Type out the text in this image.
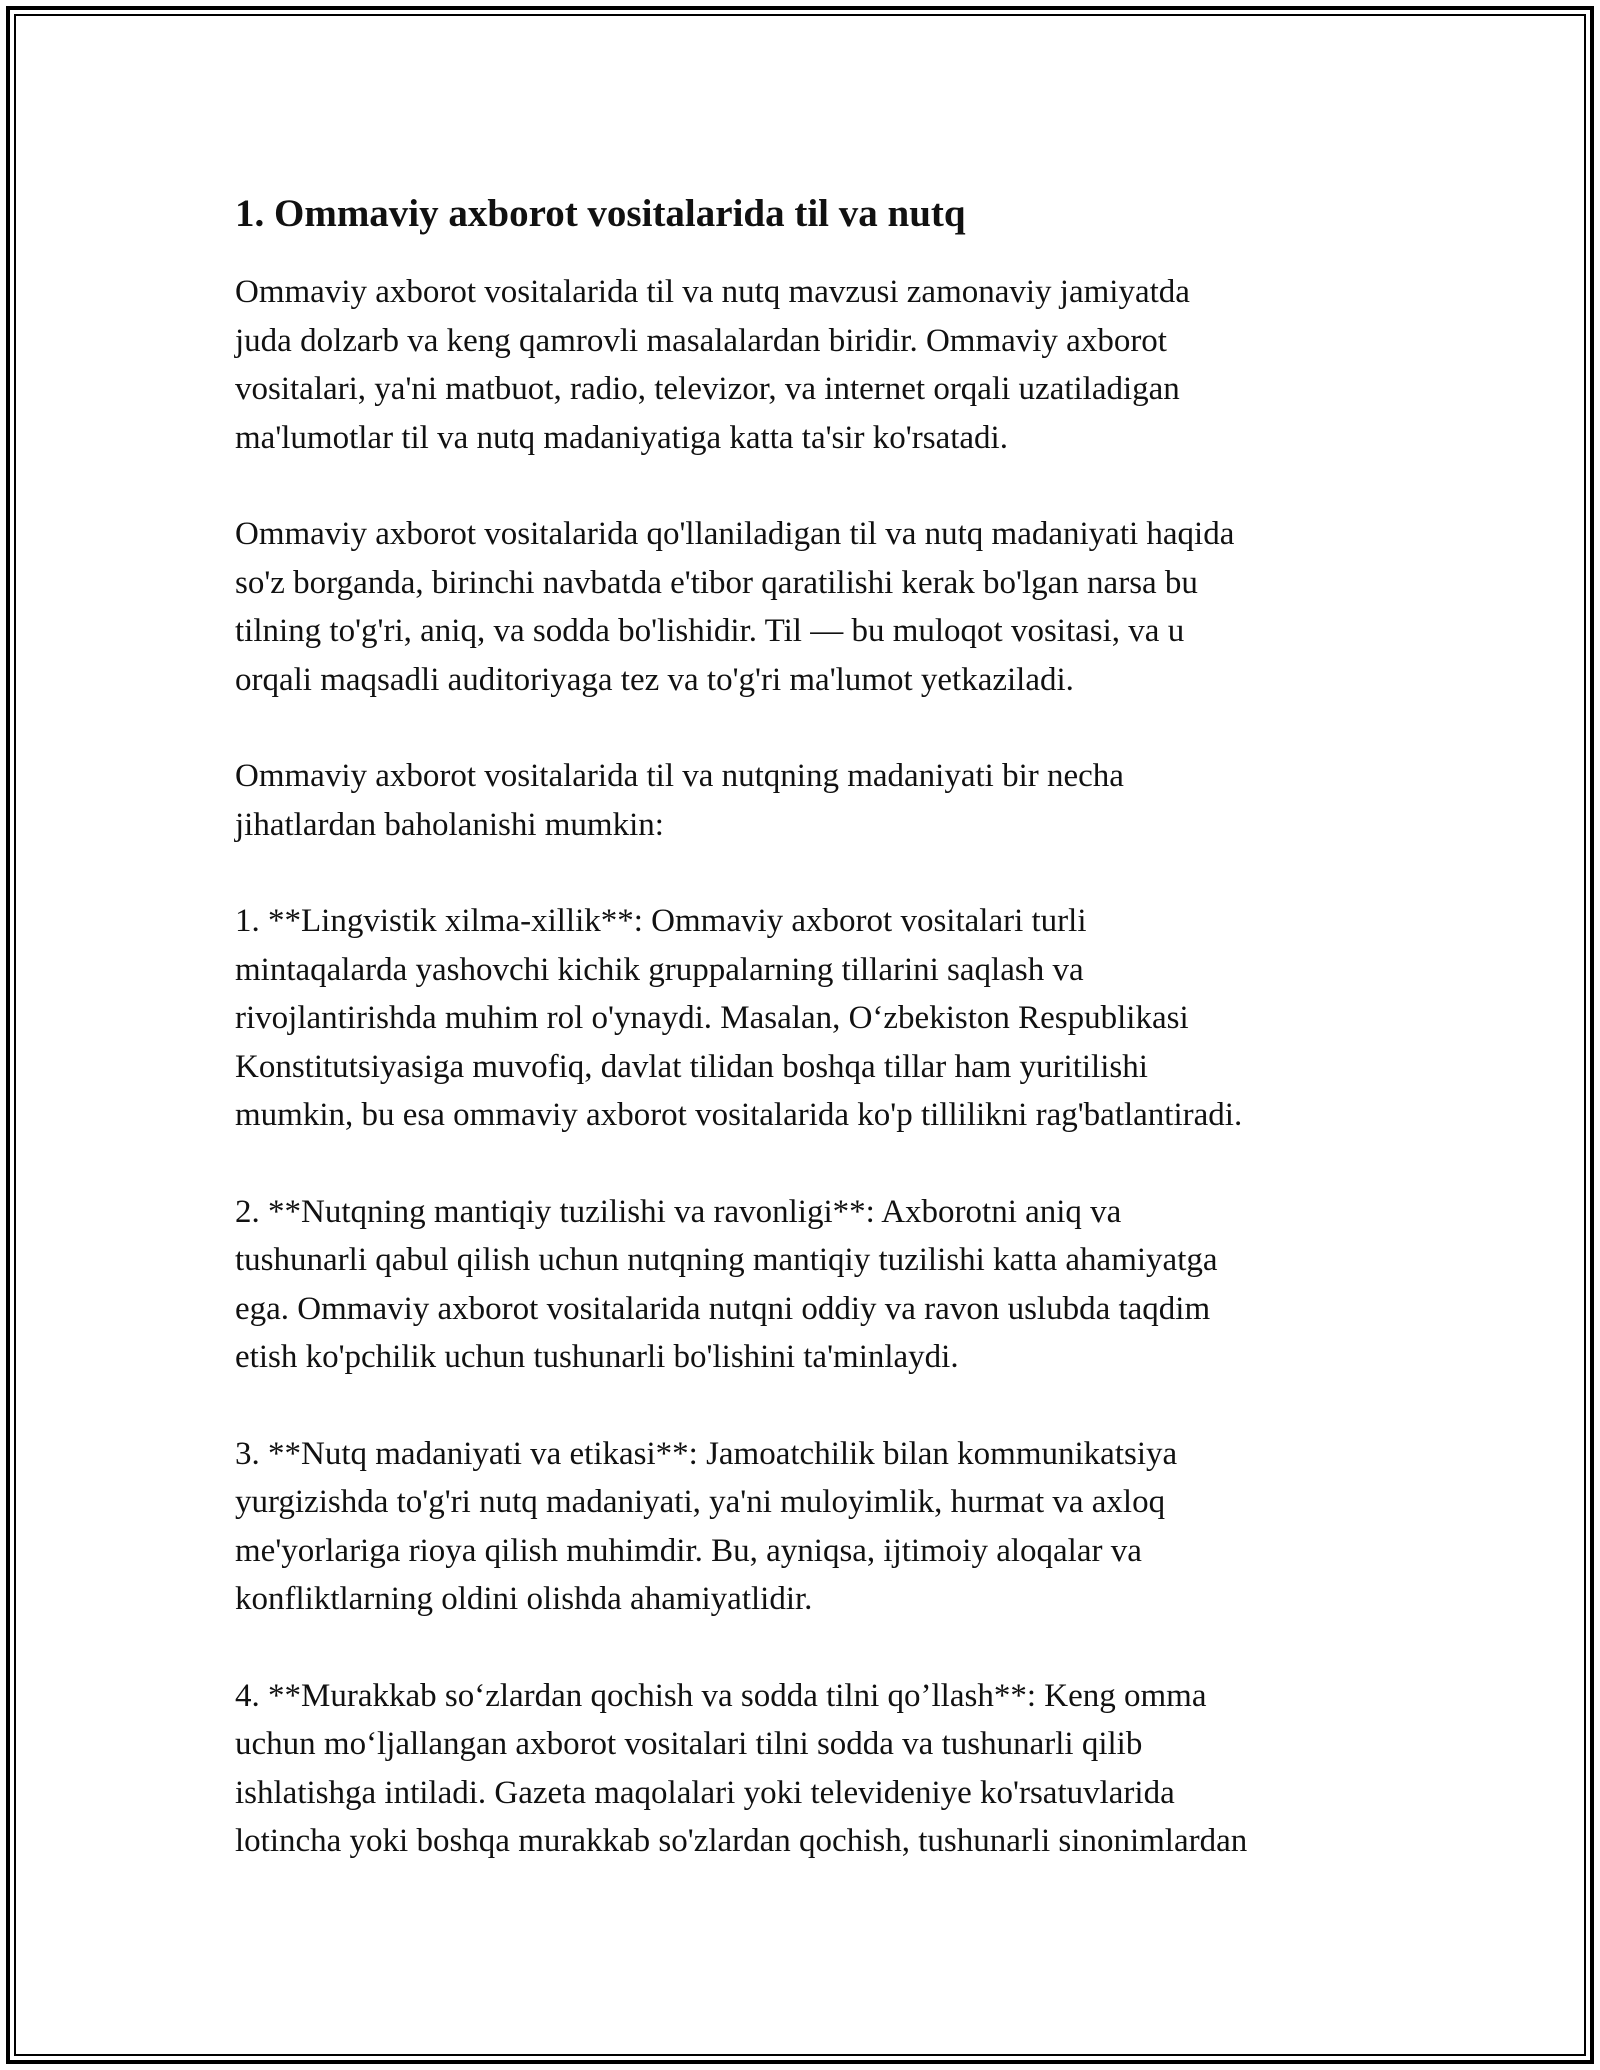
1. Ommaviy axborot vositalarida til va nutq

Ommaviy axborot vositalarida til va nutq mavzusi zamonaviy jamiyatda
juda dolzarb va keng qamrovli masalalardan biridir. Ommaviy axborot
vositalari, ya'ni matbuot, radio, televizor, va internet orqali uzatiladigan
ma'lumotlar til va nutq madaniyatiga katta ta'sir ko'rsatadi.

Ommaviy axborot vositalarida qo'llaniladigan til va nutq madaniyati haqida
so'z borganda, birinchi navbatda e'tibor qaratilishi kerak bo'lgan narsa bu
tilning to'g'ri, aniq, va sodda bo'lishidir. Til — bu muloqot vositasi, va u
orqali maqsadli auditoriyaga tez va to'g'ri ma'lumot yetkaziladi.

Ommaviy axborot vositalarida til va nutqning madaniyati bir necha
jihatlardan baholanishi mumkin:

1. **Lingvistik xilma-xillik**: Ommaviy axborot vositalari turli
mintaqalarda yashovchi kichik gruppalarning tillarini saqlash va
rivojlantirishda muhim rol o'ynaydi. Masalan, O‘zbekiston Respublikasi
Konstitutsiyasiga muvofiq, davlat tilidan boshqa tillar ham yuritilishi
mumkin, bu esa ommaviy axborot vositalarida ko'p tillilikni rag'batlantiradi.

2. **Nutqning mantiqiy tuzilishi va ravonligi**: Axborotni aniq va
tushunarli qabul qilish uchun nutqning mantiqiy tuzilishi katta ahamiyatga
ega. Ommaviy axborot vositalarida nutqni oddiy va ravon uslubda taqdim
etish ko'pchilik uchun tushunarli bo'lishini ta'minlaydi.

3. **Nutq madaniyati va etikasi**: Jamoatchilik bilan kommunikatsiya
yurgizishda to'g'ri nutq madaniyati, ya'ni muloyimlik, hurmat va axloq
me'yorlariga rioya qilish muhimdir. Bu, ayniqsa, ijtimoiy aloqalar va
konfliktlarning oldini olishda ahamiyatlidir.

4. **Murakkab so‘zlardan qochish va sodda tilni qo’llash**: Keng omma
uchun mo‘ljallangan axborot vositalari tilni sodda va tushunarli qilib
ishlatishga intiladi. Gazeta maqolalari yoki televideniye ko'rsatuvlarida
lotincha yoki boshqa murakkab so'zlardan qochish, tushunarli sinonimlardan
